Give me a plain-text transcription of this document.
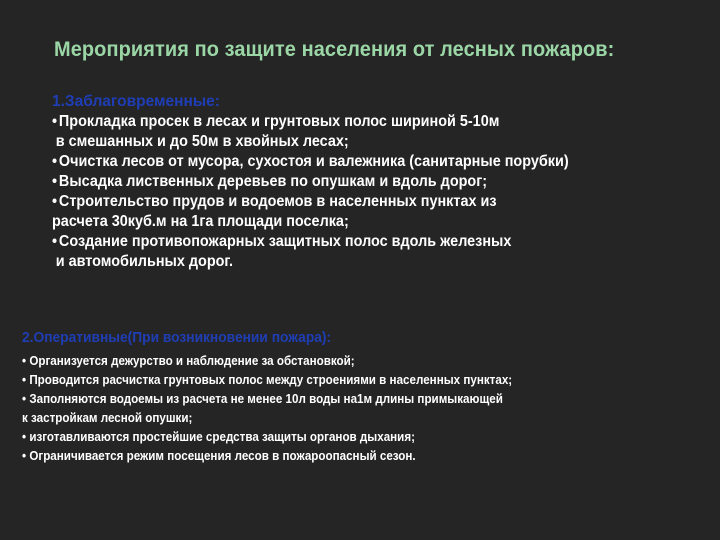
Мероприятия по защите населения от лесных пожаров:
1.Заблаговременные:
• Прокладка просек в лесах и грунтовых полос шириной 5-10м
в смешанных и до 50м в хвойных лесах;
• Очистка лесов от мусора, сухостоя и валежника (санитарные порубки)
• Высадка лиственных деревьев по опушкам и вдоль дорог;
• Строительство прудов и водоемов в населенных пунктах из
расчета 30куб.м на 1га площади поселка;
• Создание противопожарных защитных полос вдоль железных
и автомобильных дорог.
2.Оперативные(При возникновении пожара):
• Организуется дежурство и наблюдение за обстановкой;
• Проводится расчистка грунтовых полос между строениями в населенных пунктах;
• Заполняются водоемы из расчета не менее 10л воды на1м длины примыкающей
к застройкам лесной опушки;
• изготавливаются простейшие средства защиты органов дыхания;
• Ограничивается режим посещения лесов в пожароопасный сезон.
